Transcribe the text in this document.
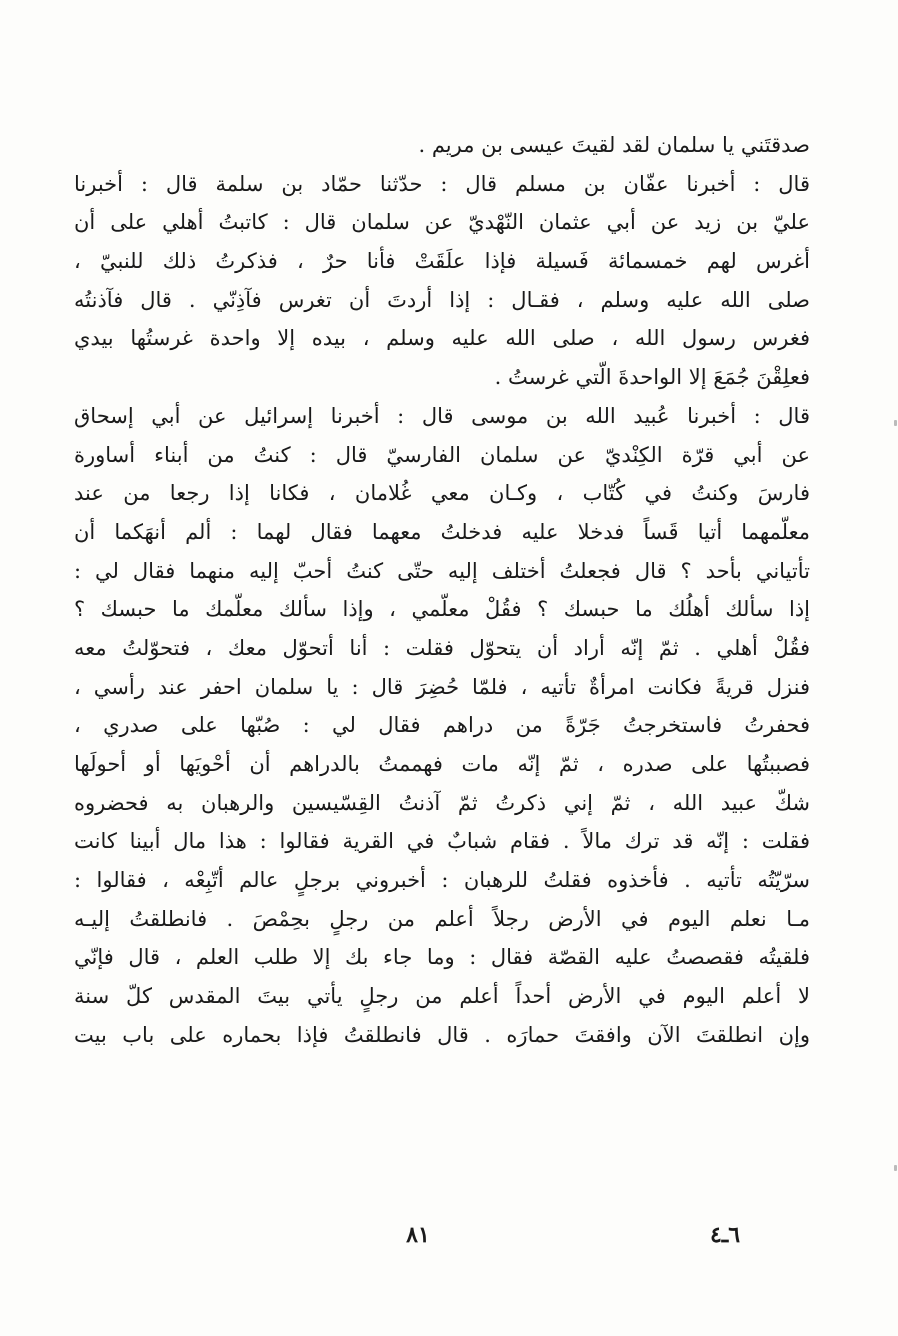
صدقتَني يا سلمان لقد لقيتَ عيسى بن مريم .
قال : أخبرنا عفّان بن مسلم قال : حدّثنا حمّاد بن سلمة قال : أخبرنا
عليّ بن زيد عن أبي عثمان النّهْديّ عن سلمان قال : كاتبتُ أهلي على أن
أغرس لهم خمسمائة فَسيلة فإذا علَقَتْ فأنا حرٌ ، فذكرتُ ذلك للنبيّ ،
صلى الله عليه وسلم ، فقـال : إذا أردتَ أن تغرس فآذِنّي . قال فآذنتُه
فغرس رسول الله ، صلى الله عليه وسلم ، بيده إلا واحدة غرستُها بيدي
فعلِقْنَ جُمَعَ إلا الواحدةَ الّتي غرستُ .
قال : أخبرنا عُبيد الله بن موسى قال : أخبرنا إسرائيل عن أبي إسحاق
عن أبي قرّة الكِنْديّ عن سلمان الفارسيّ قال : كنتُ من أبناء أساورة
فارسَ وكنتُ في كُتّاب ، وكـان معي غُلامان ، فكانا إذا رجعا من عند
معلّمهما أتيا قَساً فدخلا عليه فدخلتُ معهما فقال لهما : ألم أنهَكما أن
تأتياني بأحد ؟ قال فجعلتُ أختلف إليه حتّى كنتُ أحبّ إليه منهما فقال لي :
إذا سألك أهلُك ما حبسك ؟ فقُلْ معلّمي ، وإذا سألك معلّمك ما حبسك ؟
فقُلْ أهلي . ثمّ إنّه أراد أن يتحوّل فقلت : أنا أتحوّل معك ، فتحوّلتُ معه
فنزل قريةً فكانت امرأةٌ تأتيه ، فلمّا حُضِرَ قال : يا سلمان احفر عند رأسي ،
فحفرتُ فاستخرجتُ جَرّةً من دراهم فقال لي : صُبّها على صدري ،
فصببتُها على صدره ، ثمّ إنّه مات فهممتُ بالدراهم أن أحْويَها أو أحولَها
شكّ عبيد الله ، ثمّ إني ذكرتُ ثمّ آذنتُ القِسّيسين والرهبان به فحضروه
فقلت : إنّه قد ترك مالاً . فقام شبابٌ في القرية فقالوا : هذا مال أبينا كانت
سرّيّتُه تأتيه . فأخذوه فقلتُ للرهبان : أخبروني برجلٍ عالم أتّبِعْه ، فقالوا :
مـا نعلم اليوم في الأرض رجلاً أعلم من رجلٍ بحِمْصَ . فانطلقتُ إليـه
فلقيتُه فقصصتُ عليه القصّة فقال : وما جاء بك إلا طلب العلم ، قال فإنّي
لا أعلم اليوم في الأرض أحداً أعلم من رجلٍ يأتي بيتَ المقدس كلّ سنة
وإن انطلقتَ الآن وافقتَ حمارَه . قال فانطلقتُ فإذا بحماره على باب بيت
٦ـ٤
٨١
